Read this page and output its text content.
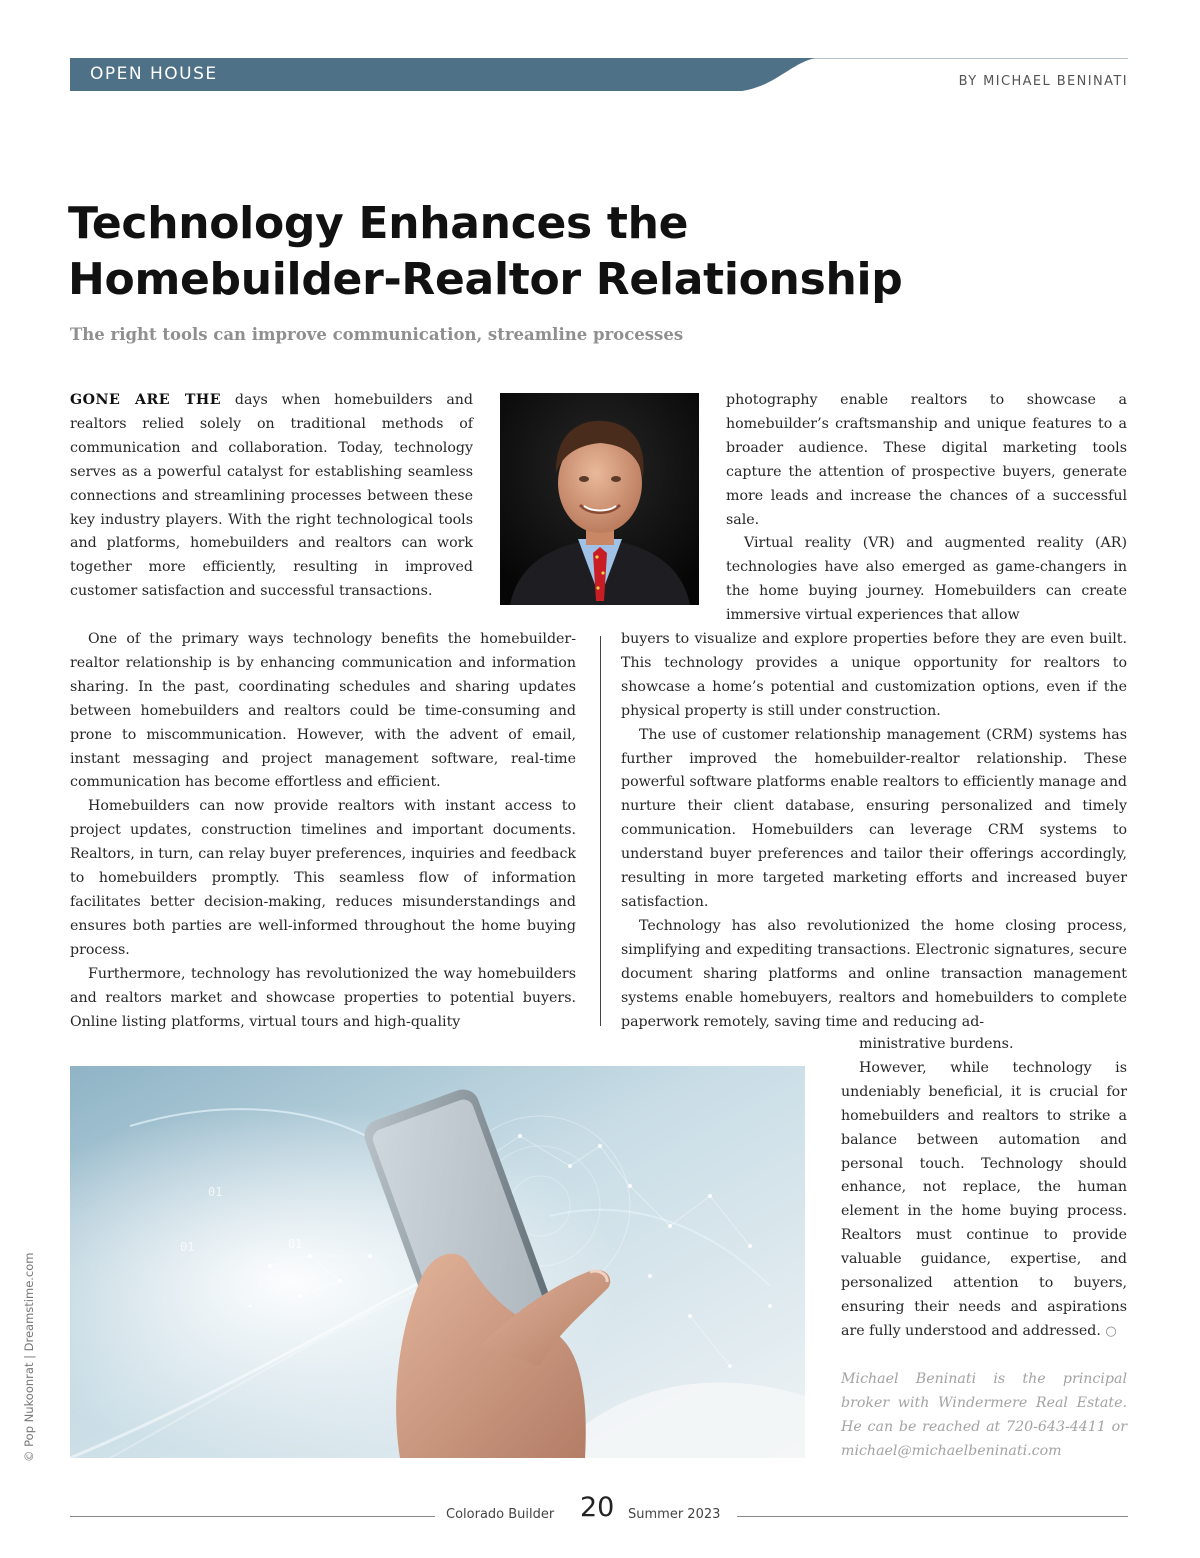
OPEN HOUSE	BY MICHAEL BENINATI
Technology Enhances the
Homebuilder-Realtor Relationship
The right tools can improve communication, streamline processes

GONE ARE THE days when homebuilders and realtors relied solely on traditional methods of communication and collaboration. Today, technology serves as a powerful catalyst for establishing seamless connections and streamlining processes between these key industry players. With the right technological tools and platforms, homebuilders and realtors can work together more efficiently, resulting in improved customer satisfaction and successful transactions.

One of the primary ways technology benefits the homebuilder-realtor relationship is by enhancing communication and information sharing. In the past, coordinating schedules and sharing updates between homebuilders and realtors could be time-consuming and prone to miscommunication. However, with the advent of email, instant messaging and project management software, real-time communication has become effortless and efficient.

Homebuilders can now provide realtors with instant access to project updates, construction timelines and important documents. Realtors, in turn, can relay buyer preferences, inquiries and feedback to homebuilders promptly. This seamless flow of information facilitates better decision-making, reduces misunderstandings and ensures both parties are well-informed throughout the home buying process.

Furthermore, technology has revolutionized the way homebuilders and realtors market and showcase properties to potential buyers. Online listing platforms, virtual tours and high-quality

photography enable realtors to showcase a homebuilder’s craftsmanship and unique features to a broader audience. These digital marketing tools capture the attention of prospective buyers, generate more leads and increase the chances of a successful sale.

Virtual reality (VR) and augmented reality (AR) technologies have also emerged as game-changers in the home buying journey. Homebuilders can create immersive virtual experiences that allow

buyers to visualize and explore properties before they are even built. This technology provides a unique opportunity for realtors to showcase a home’s potential and customization options, even if the physical property is still under construction.

The use of customer relationship management (CRM) systems has further improved the homebuilder-realtor relationship. These powerful software platforms enable realtors to efficiently manage and nurture their client database, ensuring personalized and timely communication. Homebuilders can leverage CRM systems to understand buyer preferences and tailor their offerings accordingly, resulting in more targeted marketing efforts and increased buyer satisfaction.

Technology has also revolutionized the home closing process, simplifying and expediting transactions. Electronic signatures, secure document sharing platforms and online transaction management systems enable homebuyers, realtors and homebuilders to complete paperwork remotely, saving time and reducing ad-

ministrative burdens.

However, while technology is undeniably beneficial, it is crucial for homebuilders and realtors to strike a balance between automation and personal touch. Technology should enhance, not replace, the human element in the home buying process. Realtors must continue to provide valuable guidance, expertise, and personalized attention to buyers, ensuring their needs and aspirations are fully understood and addressed. ○

Michael Beninati is the principal broker with Windermere Real Estate. He can be reached at 720-643-4411 or michael@michaelbeninati.com

01
01
01
© Pop Nukoonrat | Dreamstime.com
Colorado Builder 20 Summer 2023
